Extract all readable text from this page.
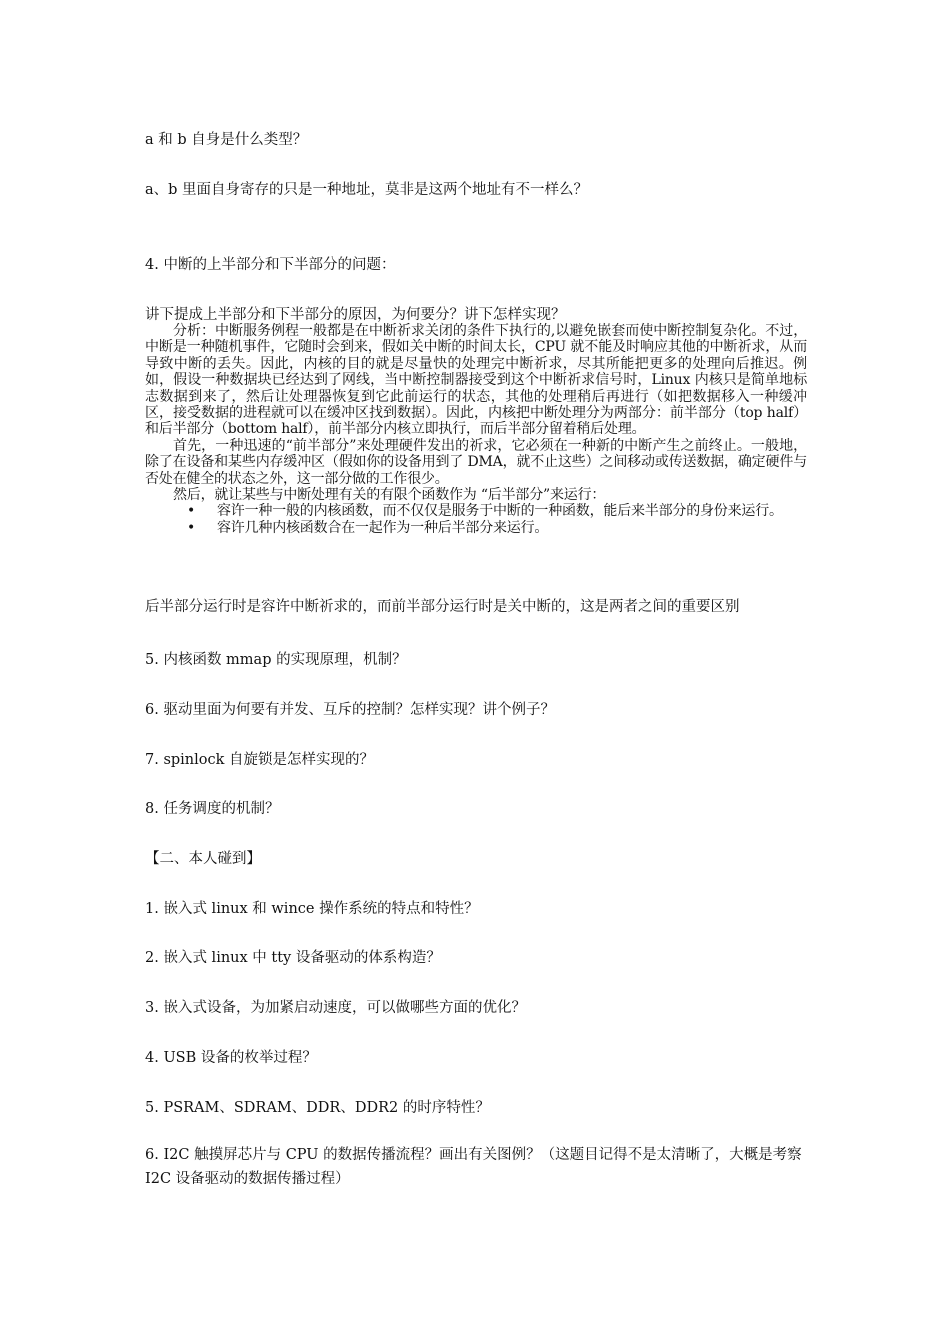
a 和 b 自身是什么类型？
a、b 里面自身寄存的只是一种地址，莫非是这两个地址有不一样么？
4. 中断的上半部分和下半部分的问题：
讲下提成上半部分和下半部分的原因，为何要分？讲下怎样实现？

分析：中断服务例程一般都是在中断祈求关闭的条件下执行的,以避免嵌套而使中断控制复杂化。不过，中断是一种随机事件，它随时会到来，假如关中断的时间太长，CPU 就不能及时响应其他的中断祈求，从而导致中断的丢失。因此，内核的目的就是尽量快的处理完中断祈求，尽其所能把更多的处理向后推迟。例如，假设一种数据块已经达到了网线，当中断控制器接受到这个中断祈求信号时，Linux 内核只是简单地标志数据到来了，然后让处理器恢复到它此前运行的状态，其他的处理稍后再进行（如把数据移入一种缓冲区，接受数据的进程就可以在缓冲区找到数据）。因此，内核把中断处理分为两部分：前半部分（top half）和后半部分（bottom half），前半部分内核立即执行，而后半部分留着稍后处理。

首先，一种迅速的“前半部分”来处理硬件发出的祈求，它必须在一种新的中断产生之前终止。一般地，除了在设备和某些内存缓冲区（假如你的设备用到了 DMA，就不止这些）之间移动或传送数据，确定硬件与否处在健全的状态之外，这一部分做的工作很少。

然后，就让某些与中断处理有关的有限个函数作为 “后半部分”来运行：

• 容许一种一般的内核函数，而不仅仅是服务于中断的一种函数，能后来半部分的身份来运行。

• 容许几种内核函数合在一起作为一种后半部分来运行。

后半部分运行时是容许中断祈求的，而前半部分运行时是关中断的，这是两者之间的重要区别
5. 内核函数 mmap 的实现原理，机制？
6. 驱动里面为何要有并发、互斥的控制？怎样实现？讲个例子？
7. spinlock 自旋锁是怎样实现的？
8. 任务调度的机制？
【二、本人碰到】
1. 嵌入式 linux 和 wince 操作系统的特点和特性？
2. 嵌入式 linux 中 tty 设备驱动的体系构造？
3. 嵌入式设备，为加紧启动速度，可以做哪些方面的优化？
4. USB 设备的枚举过程？
5. PSRAM、SDRAM、DDR、DDR2 的时序特性？
6. I2C 触摸屏芯片与 CPU 的数据传播流程？画出有关图例？（这题目记得不是太清晰了，大概是考察 I2C 设备驱动的数据传播过程）
